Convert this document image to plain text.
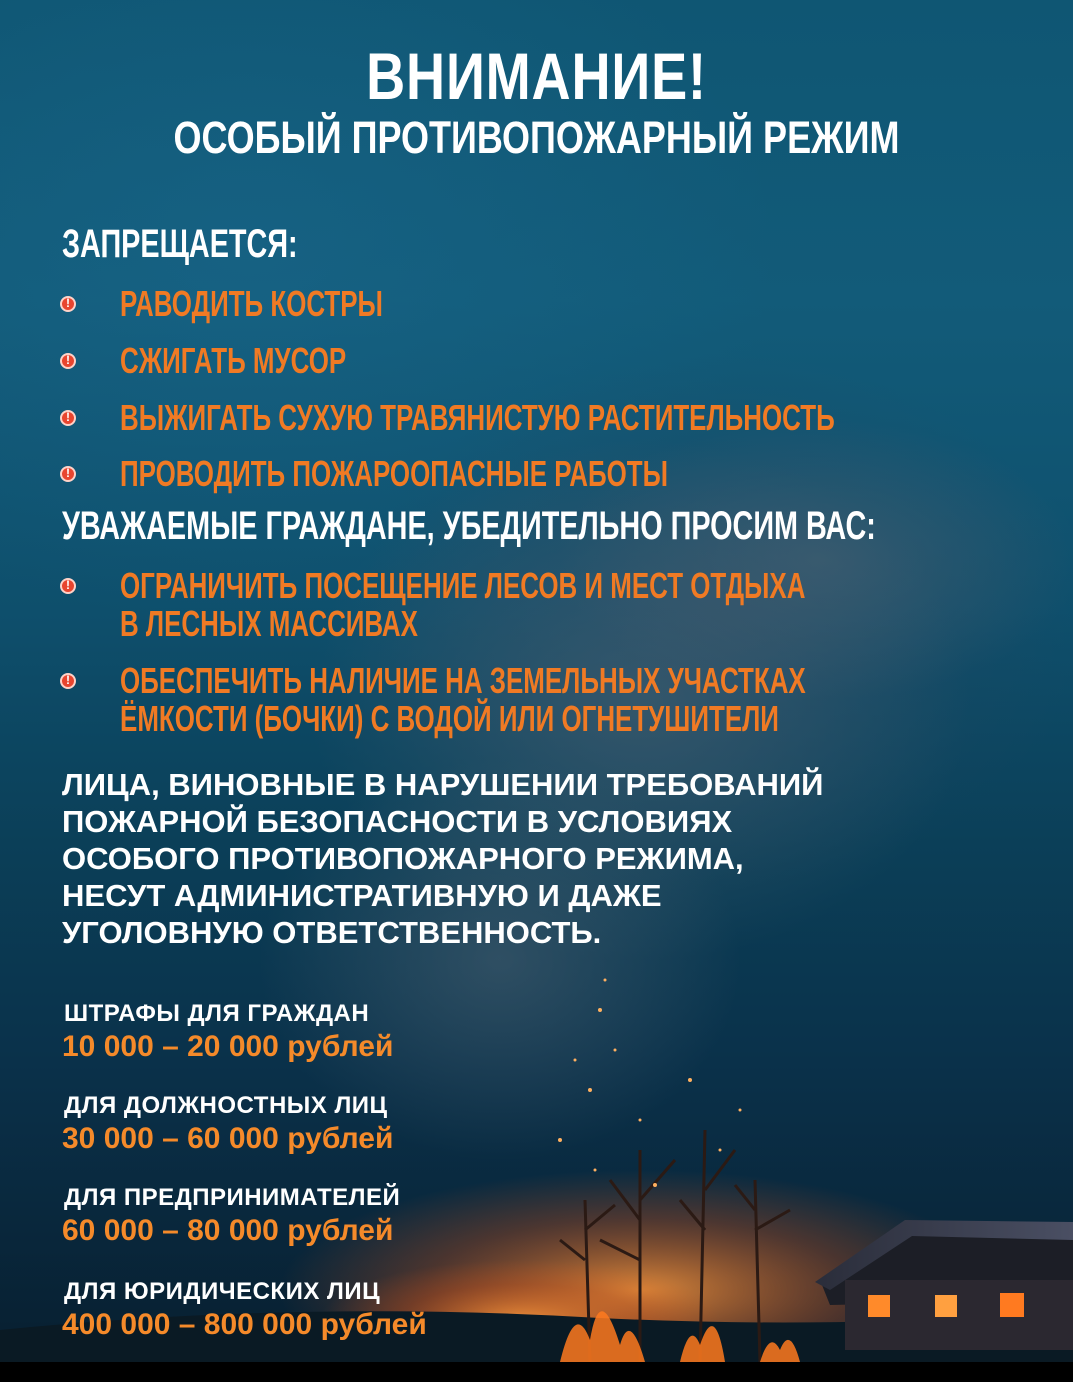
ВНИМАНИЕ!
ОСОБЫЙ ПРОТИВОПОЖАРНЫЙ РЕЖИМ
ЗАПРЕЩАЕТСЯ:
!
РАВОДИТЬ КОСТРЫ
!
СЖИГАТЬ МУСОР
!
ВЫЖИГАТЬ СУХУЮ ТРАВЯНИСТУЮ РАСТИТЕЛЬНОСТЬ
!
ПРОВОДИТЬ ПОЖАРООПАСНЫЕ РАБОТЫ
УВАЖАЕМЫЕ ГРАЖДАНЕ, УБЕДИТЕЛЬНО ПРОСИМ ВАС:
!
ОГРАНИЧИТЬ ПОСЕЩЕНИЕ ЛЕСОВ И МЕСТ ОТДЫХА
В ЛЕСНЫХ МАССИВАХ
!
ОБЕСПЕЧИТЬ НАЛИЧИЕ НА ЗЕМЕЛЬНЫХ УЧАСТКАХ
ЁМКОСТИ (БОЧКИ) С ВОДОЙ ИЛИ ОГНЕТУШИТЕЛИ
ЛИЦА, ВИНОВНЫЕ В НАРУШЕНИИ ТРЕБОВАНИЙ
ПОЖАРНОЙ БЕЗОПАСНОСТИ В УСЛОВИЯХ
ОСОБОГО ПРОТИВОПОЖАРНОГО РЕЖИМА,
НЕСУТ АДМИНИСТРАТИВНУЮ И ДАЖЕ
УГОЛОВНУЮ ОТВЕТСТВЕННОСТЬ.
ШТРАФЫ ДЛЯ ГРАЖДАН
10 000 – 20 000 рублей
ДЛЯ ДОЛЖНОСТНЫХ ЛИЦ
30 000 – 60 000 рублей
ДЛЯ ПРЕДПРИНИМАТЕЛЕЙ
60 000 – 80 000 рублей
ДЛЯ ЮРИДИЧЕСКИХ ЛИЦ
400 000 – 800 000 рублей
